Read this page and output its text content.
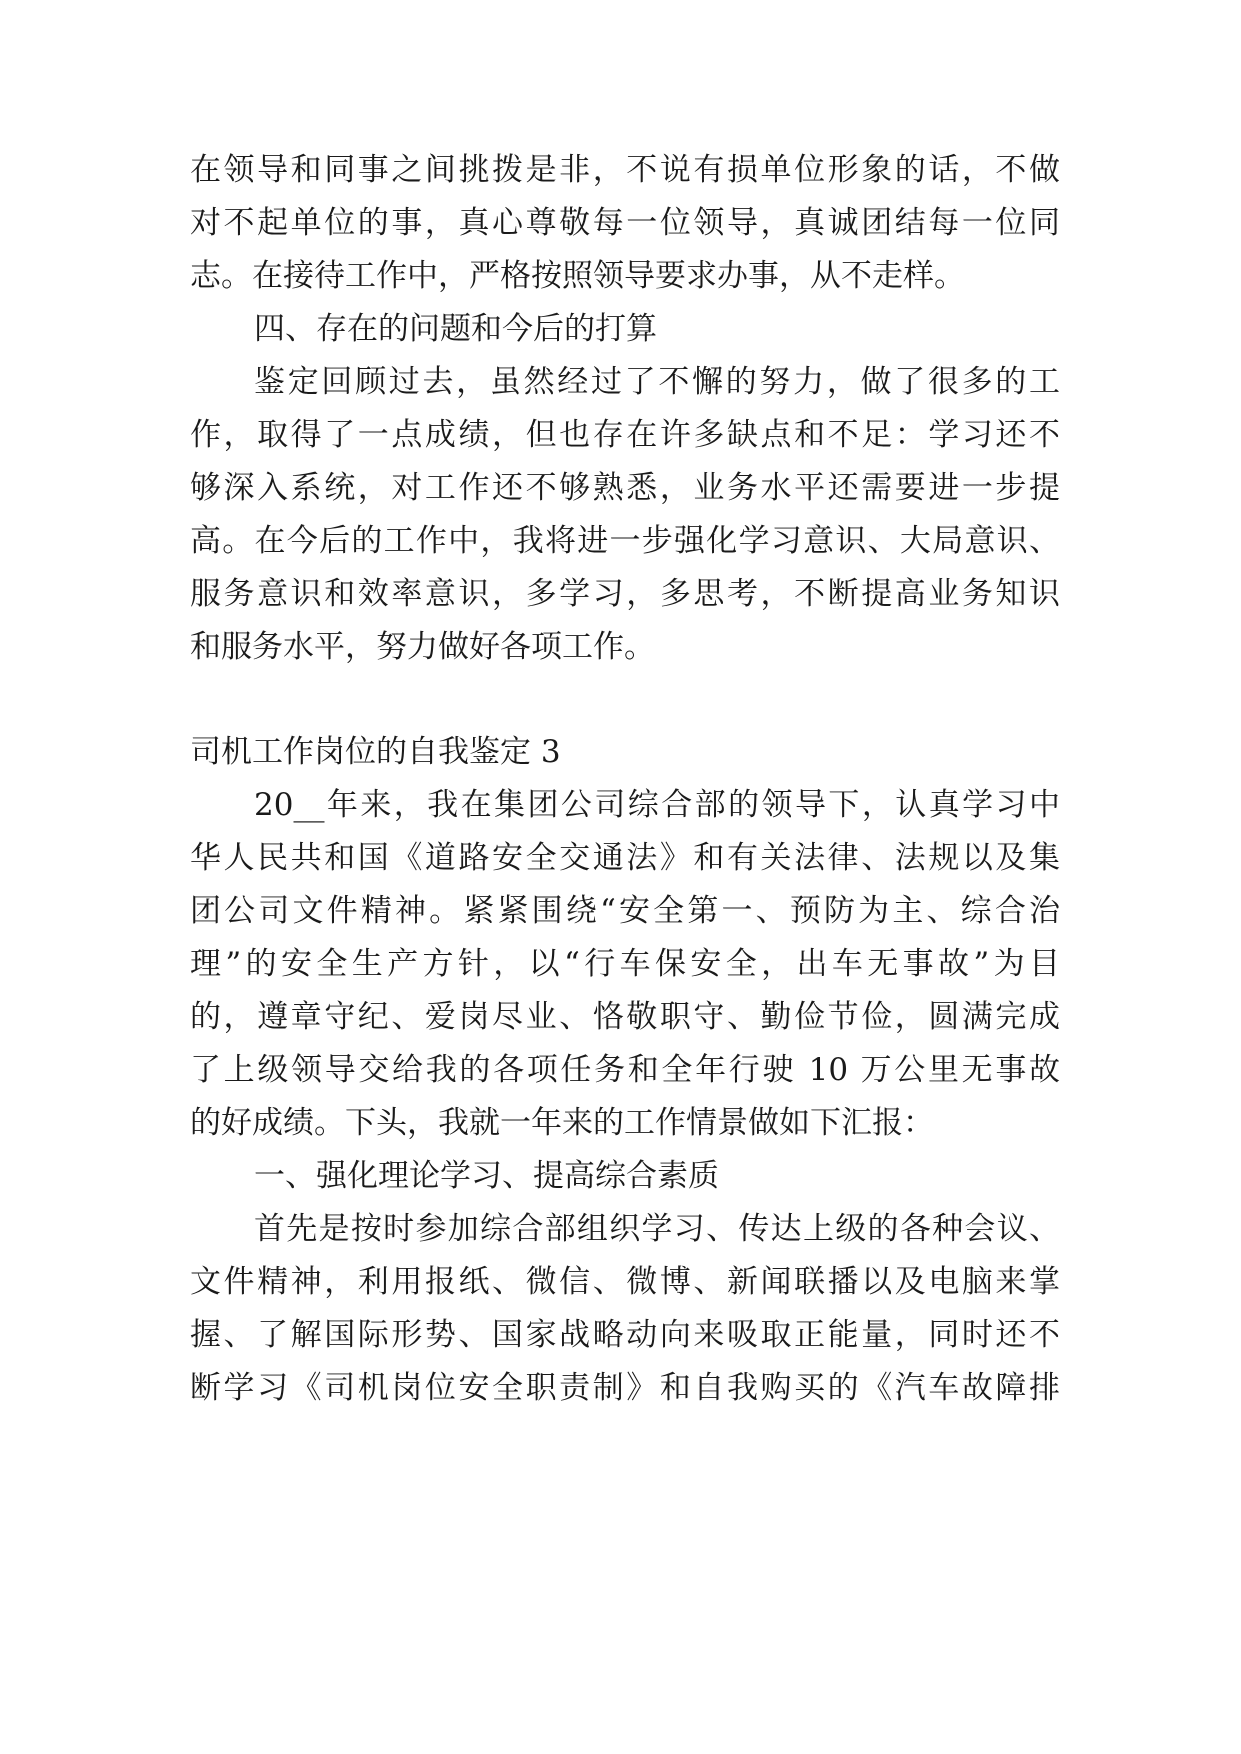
在领导和同事之间挑拨是非，不说有损单位形象的话，不做
对不起单位的事，真心尊敬每一位领导，真诚团结每一位同
志。在接待工作中，严格按照领导要求办事，从不走样。
四、存在的问题和今后的打算
鉴定回顾过去，虽然经过了不懈的努力，做了很多的工
作，取得了一点成绩，但也存在许多缺点和不足：学习还不
够深入系统，对工作还不够熟悉，业务水平还需要进一步提
高。在今后的工作中，我将进一步强化学习意识、大局意识、
服务意识和效率意识，多学习，多思考，不断提高业务知识
和服务水平，努力做好各项工作。
司机工作岗位的自我鉴定 3
20__年来，我在集团公司综合部的领导下，认真学习中
华人民共和国《道路安全交通法》和有关法律、法规以及集
团公司文件精神。紧紧围绕“安全第一、预防为主、综合治
理”的安全生产方针，以“行车保安全，出车无事故”为目
的，遵章守纪、爱岗尽业、恪敬职守、勤俭节俭，圆满完成
了上级领导交给我的各项任务和全年行驶 10 万公里无事故
的好成绩。下头，我就一年来的工作情景做如下汇报：
一、强化理论学习、提高综合素质
首先是按时参加综合部组织学习、传达上级的各种会议、
文件精神，利用报纸、微信、微博、新闻联播以及电脑来掌
握、了解国际形势、国家战略动向来吸取正能量，同时还不
断学习《司机岗位安全职责制》和自我购买的《汽车故障排
